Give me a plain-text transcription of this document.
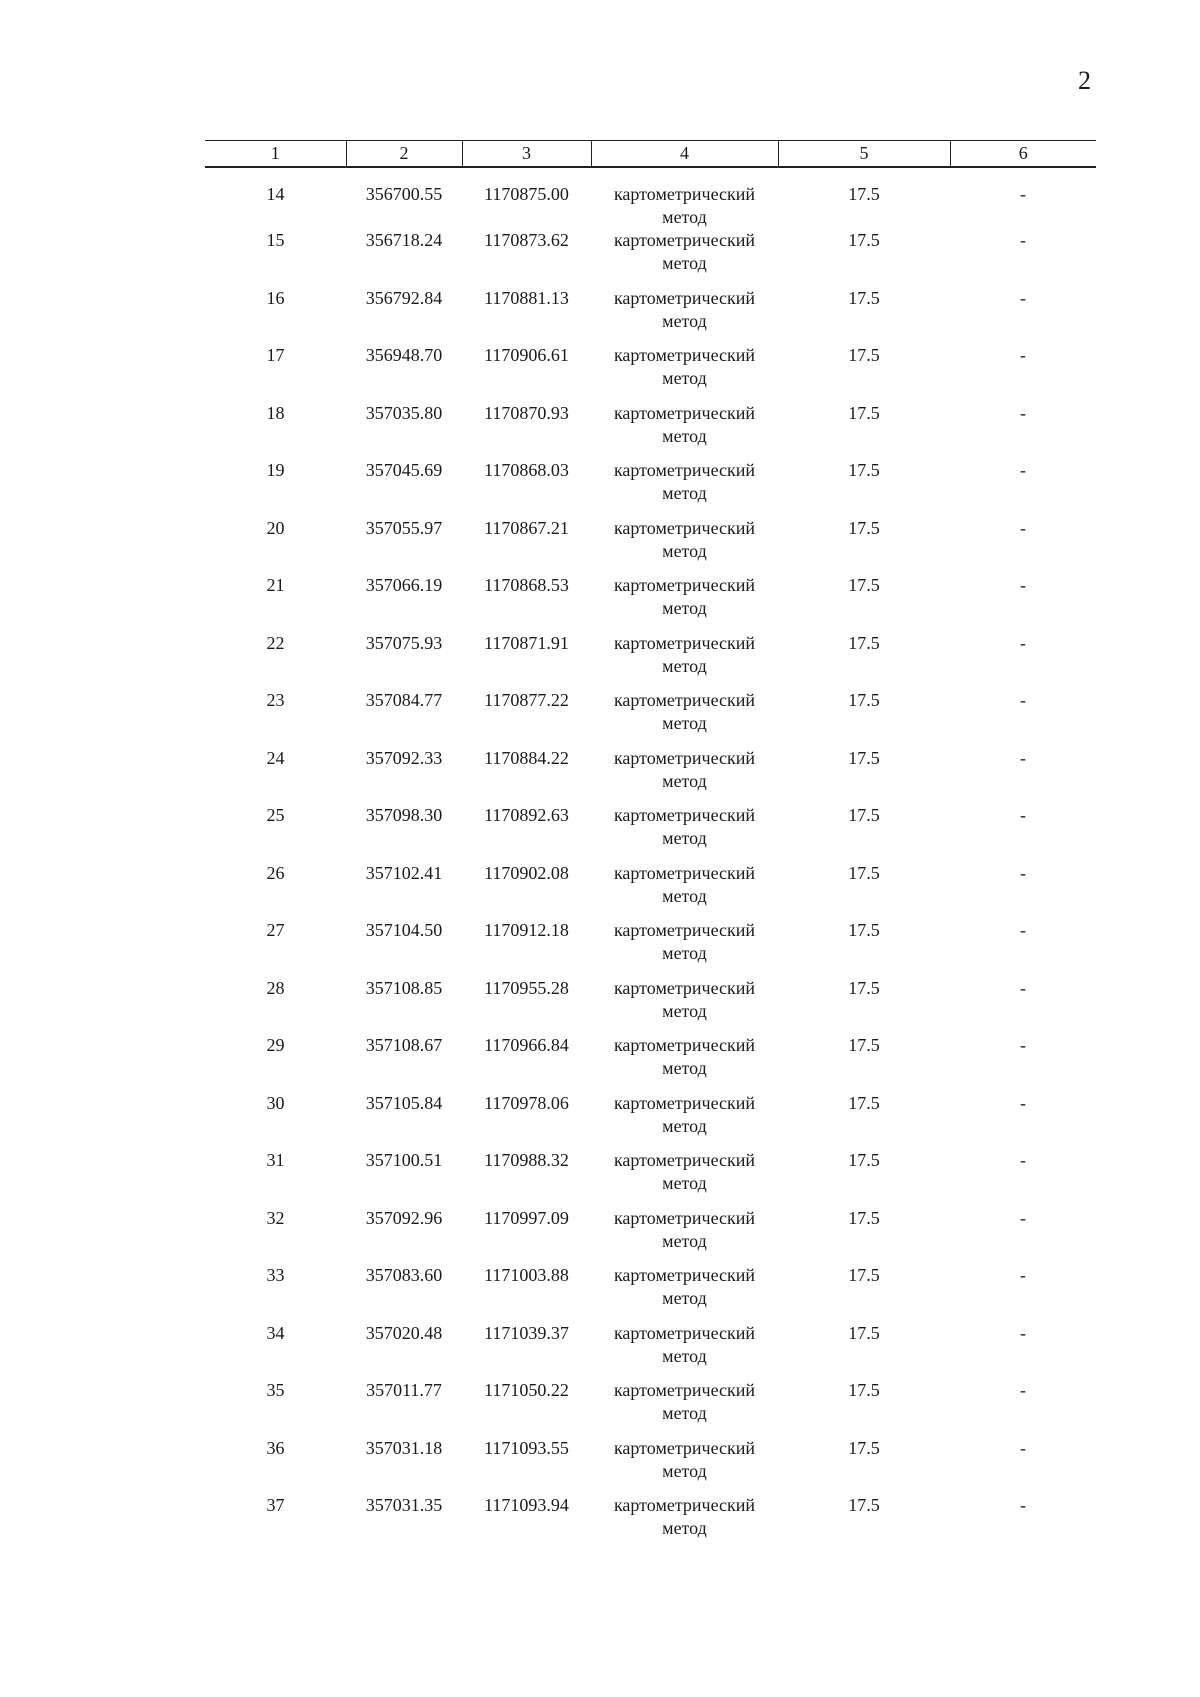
2
1	2	3	4	5	6
14	356700.55	1170875.00	картометрический метод	17.5	-
15	356718.24	1170873.62	картометрический метод	17.5	-
16	356792.84	1170881.13	картометрический метод	17.5	-
17	356948.70	1170906.61	картометрический метод	17.5	-
18	357035.80	1170870.93	картометрический метод	17.5	-
19	357045.69	1170868.03	картометрический метод	17.5	-
20	357055.97	1170867.21	картометрический метод	17.5	-
21	357066.19	1170868.53	картометрический метод	17.5	-
22	357075.93	1170871.91	картометрический метод	17.5	-
23	357084.77	1170877.22	картометрический метод	17.5	-
24	357092.33	1170884.22	картометрический метод	17.5	-
25	357098.30	1170892.63	картометрический метод	17.5	-
26	357102.41	1170902.08	картометрический метод	17.5	-
27	357104.50	1170912.18	картометрический метод	17.5	-
28	357108.85	1170955.28	картометрический метод	17.5	-
29	357108.67	1170966.84	картометрический метод	17.5	-
30	357105.84	1170978.06	картометрический метод	17.5	-
31	357100.51	1170988.32	картометрический метод	17.5	-
32	357092.96	1170997.09	картометрический метод	17.5	-
33	357083.60	1171003.88	картометрический метод	17.5	-
34	357020.48	1171039.37	картометрический метод	17.5	-
35	357011.77	1171050.22	картометрический метод	17.5	-
36	357031.18	1171093.55	картометрический метод	17.5	-
37	357031.35	1171093.94	картометрический метод	17.5	-
